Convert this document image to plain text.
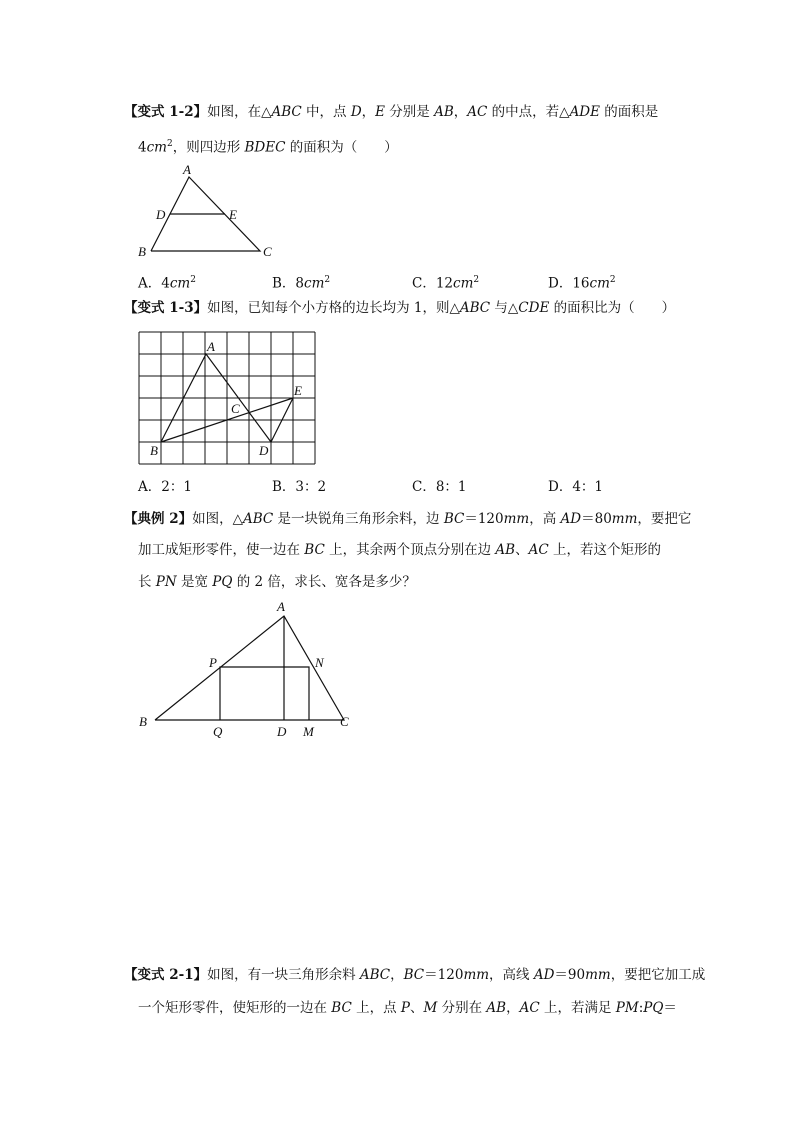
【变式 1-2】如图，在△ABC 中，点 D，E 分别是 AB，AC 的中点，若△ADE 的面积是
$4cm^2$，则四边形 BDEC 的面积为（　　）
A
D	E
B	C
A．$4cm^2$	B．$8cm^2$	C．$12cm^2$	D．$16cm^2$
【变式 1-3】如图，已知每个小方格的边长均为 1，则△ABC 与△CDE 的面积比为（　　）
A
E
C
B	D
A．2：1	B．3：2	C．8：1	D．4：1
【典例 2】如图，△ABC 是一块锐角三角形余料，边 BC＝120mm，高 AD＝80mm，要把它
加工成矩形零件，使一边在 BC 上，其余两个顶点分别在边 AB、AC 上，若这个矩形的
长 PN 是宽 PQ 的 2 倍，求长、宽各是多少？
A
P	N
B	C
Q	D M
【变式 2-1】如图，有一块三角形余料 ABC，BC＝120mm，高线 AD＝90mm，要把它加工成
一个矩形零件，使矩形的一边在 BC 上，点 P、M 分别在 AB，AC 上，若满足 PM:PQ＝
